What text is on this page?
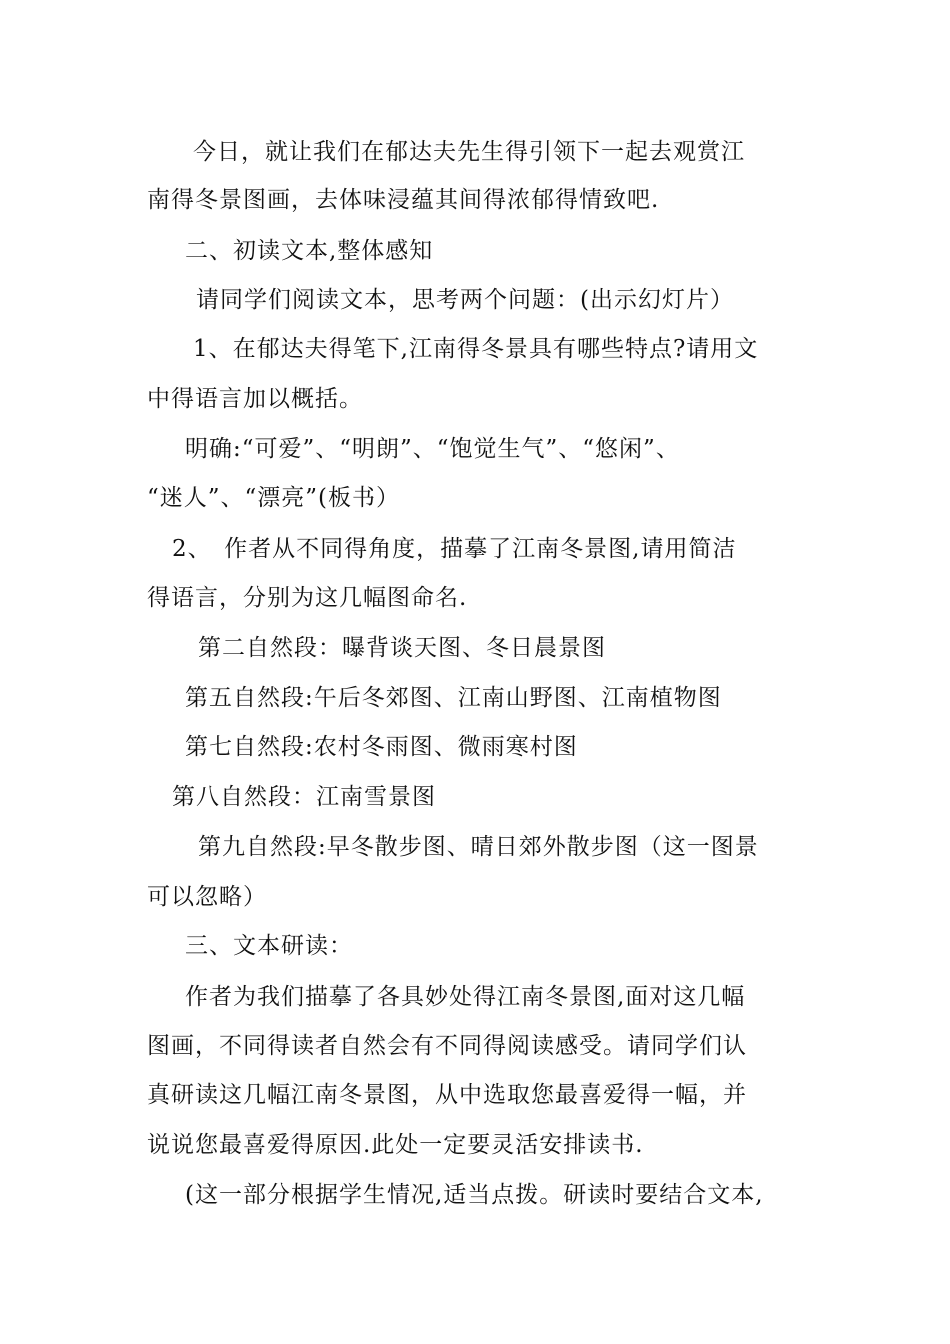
今日，就让我们在郁达夫先生得引领下一起去观赏江
南得冬景图画，去体味浸蕴其间得浓郁得情致吧.
二、初读文本,整体感知
请同学们阅读文本，思考两个问题：(出示幻灯片）
1、在郁达夫得笔下,江南得冬景具有哪些特点?请用文
中得语言加以概括。
明确:“可爱”、“明朗”、“饱觉生气”、“悠闲”、
“迷人”、“漂亮”(板书）
2、　作者从不同得角度，描摹了江南冬景图,请用简洁
得语言，分别为这几幅图命名.
第二自然段：曝背谈天图、冬日晨景图
第五自然段:午后冬郊图、江南山野图、江南植物图
第七自然段:农村冬雨图、微雨寒村图
第八自然段：江南雪景图
第九自然段:早冬散步图、晴日郊外散步图（这一图景
可以忽略）
三、文本研读：
作者为我们描摹了各具妙处得江南冬景图,面对这几幅
图画，不同得读者自然会有不同得阅读感受。请同学们认
真研读这几幅江南冬景图，从中选取您最喜爱得一幅，并
说说您最喜爱得原因.此处一定要灵活安排读书.
(这一部分根据学生情况,适当点拨。研读时要结合文本,
